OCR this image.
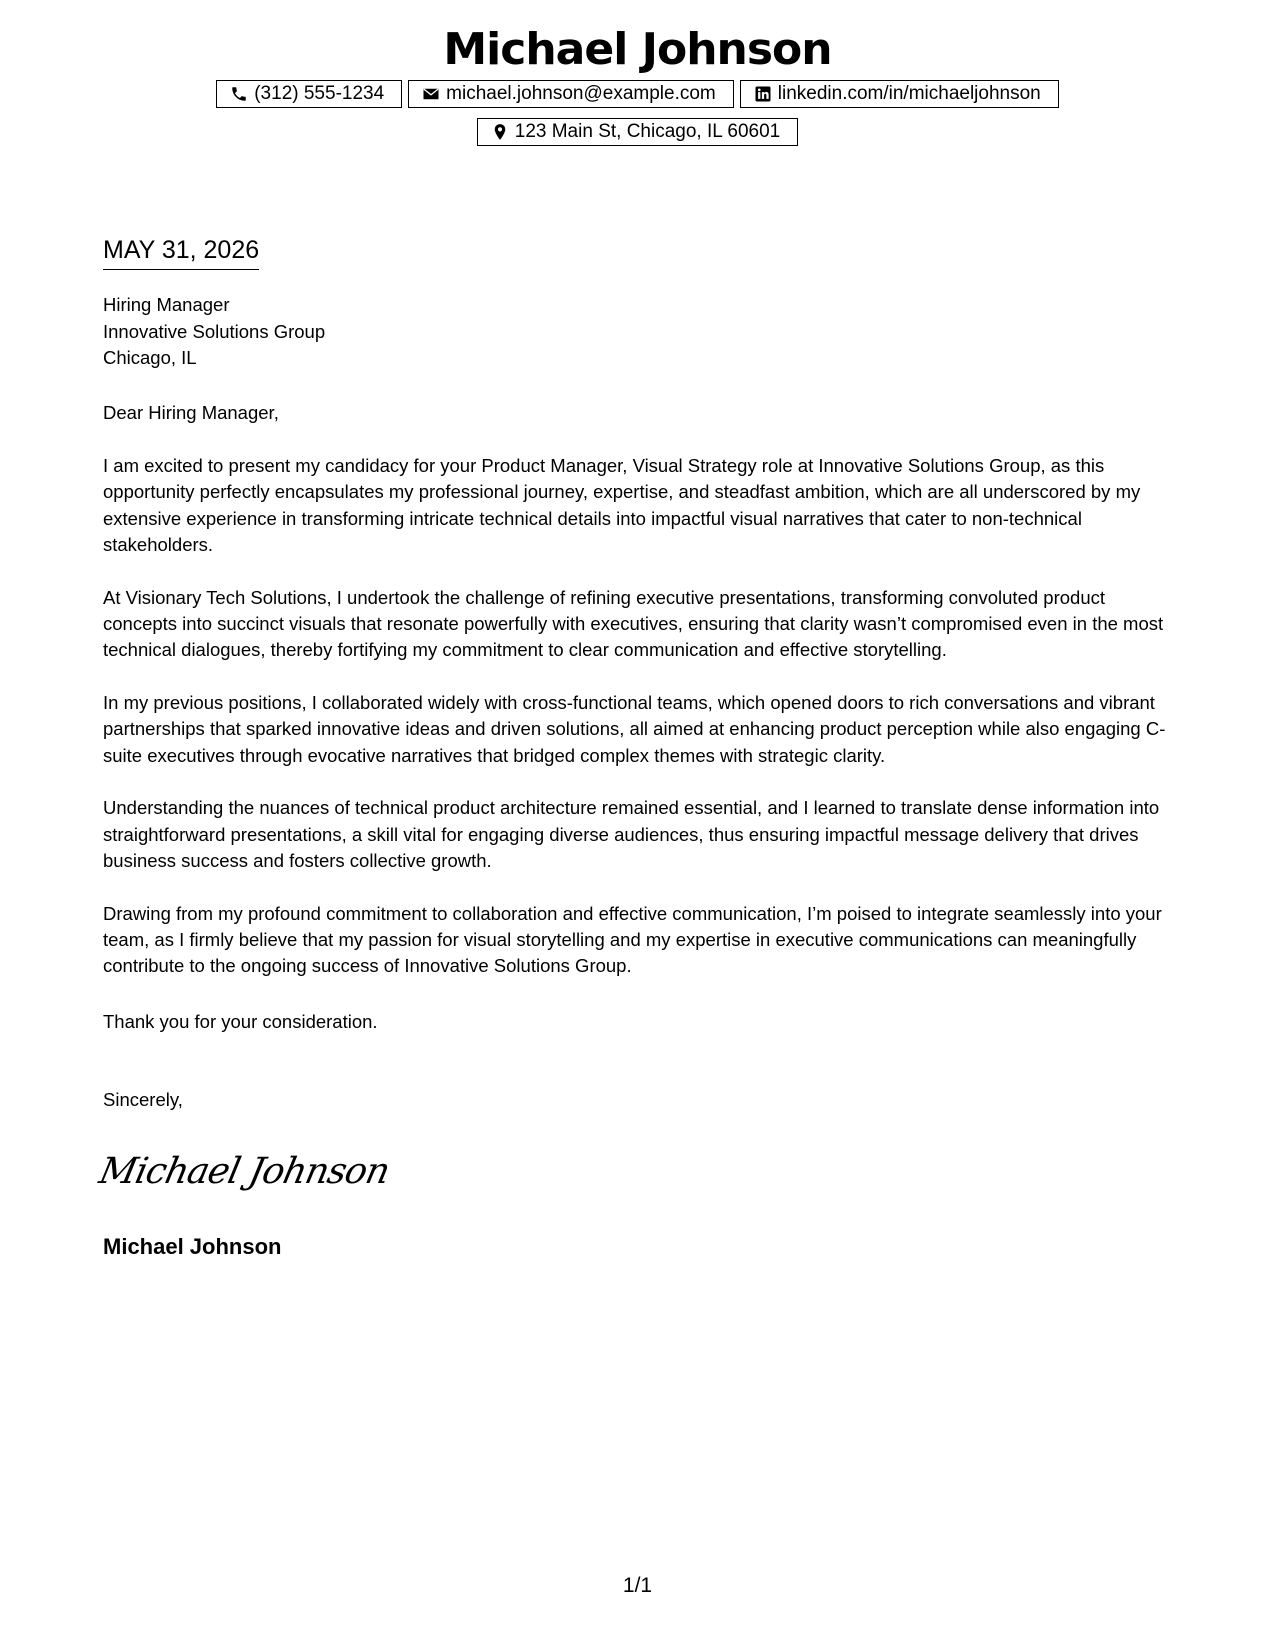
Michael Johnson
(312) 555-1234	michael.johnson@example.com	linkedin.com/in/michaeljohnson
123 Main St, Chicago, IL 60601
MAY 31, 2026
Hiring Manager
Innovative Solutions Group
Chicago, IL
Dear Hiring Manager,

I am excited to present my candidacy for your Product Manager, Visual Strategy role at Innovative Solutions Group, as this opportunity perfectly encapsulates my professional journey, expertise, and steadfast ambition, which are all underscored by my extensive experience in transforming intricate technical details into impactful visual narratives that cater to non-technical stakeholders.

At Visionary Tech Solutions, I undertook the challenge of refining executive presentations, transforming convoluted product concepts into succinct visuals that resonate powerfully with executives, ensuring that clarity wasn’t compromised even in the most technical dialogues, thereby fortifying my commitment to clear communication and effective storytelling.

In my previous positions, I collaborated widely with cross-functional teams, which opened doors to rich conversations and vibrant partnerships that sparked innovative ideas and driven solutions, all aimed at enhancing product perception while also engaging C-suite executives through evocative narratives that bridged complex themes with strategic clarity.

Understanding the nuances of technical product architecture remained essential, and I learned to translate dense information into straightforward presentations, a skill vital for engaging diverse audiences, thus ensuring impactful message delivery that drives business success and fosters collective growth.

Drawing from my profound commitment to collaboration and effective communication, I’m poised to integrate seamlessly into your team, as I firmly believe that my passion for visual storytelling and my expertise in executive communications can meaningfully contribute to the ongoing success of Innovative Solutions Group.

Thank you for your consideration.
Sincerely,
Michael Johnson
Michael Johnson
1/1
